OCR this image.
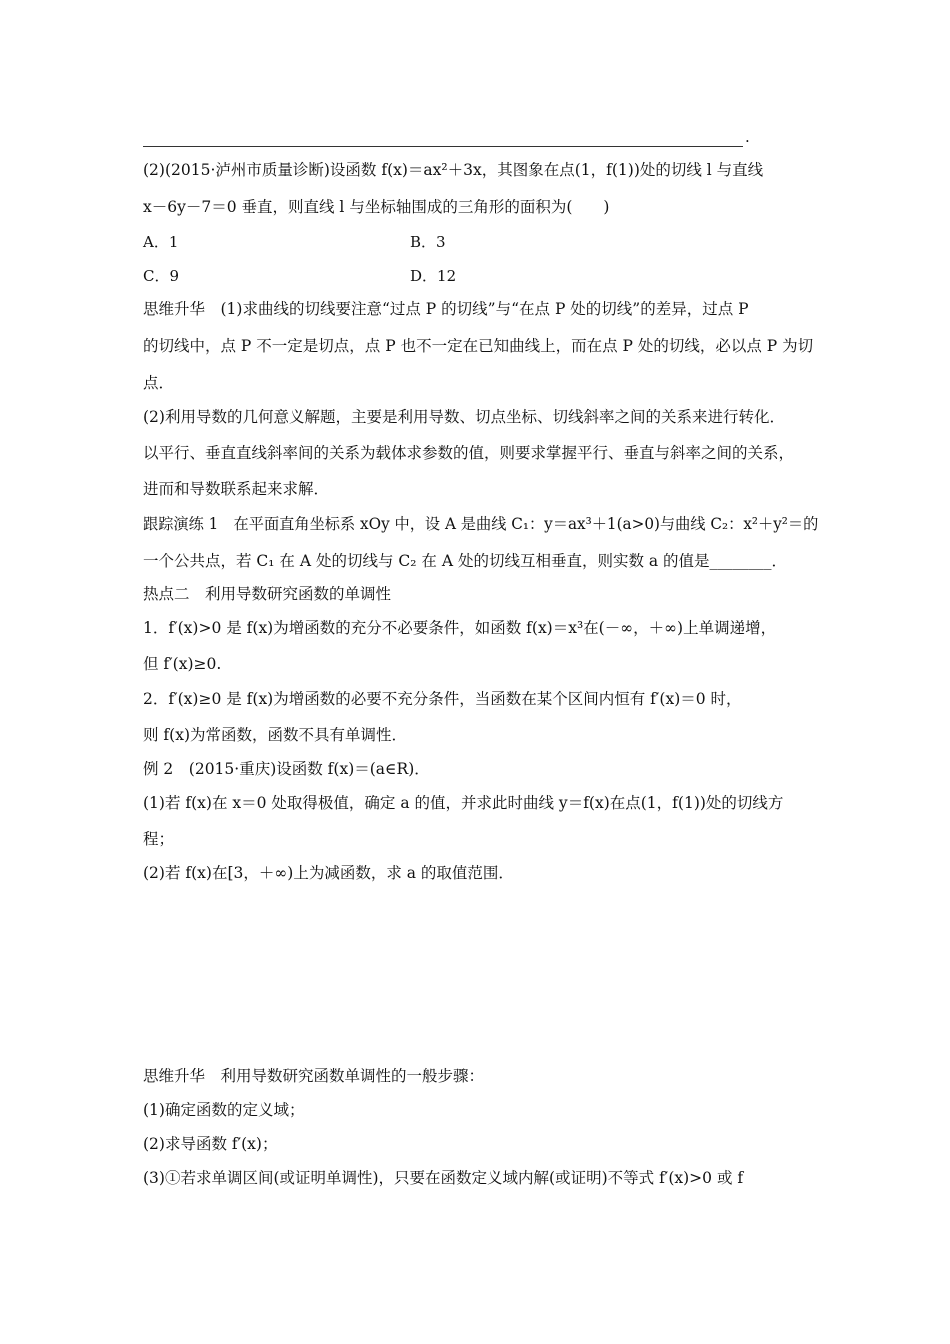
.
(2)(2015·泸州市质量诊断)设函数 f(x)＝ax²＋3x，其图象在点(1，f(1))处的切线 l 与直线
x－6y－7＝0 垂直，则直线 l 与坐标轴围成的三角形的面积为(　　)
A．1	B．3
C．9	D．12
思维升华　(1)求曲线的切线要注意“过点 P 的切线”与“在点 P 处的切线”的差异，过点 P
的切线中，点 P 不一定是切点，点 P 也不一定在已知曲线上，而在点 P 处的切线，必以点 P 为切
点．
(2)利用导数的几何意义解题，主要是利用导数、切点坐标、切线斜率之间的关系来进行转化．
以平行、垂直直线斜率间的关系为载体求参数的值，则要求掌握平行、垂直与斜率之间的关系，
进而和导数联系起来求解．
跟踪演练 1　在平面直角坐标系 xOy 中，设 A 是曲线 C₁：y＝ax³＋1(a>0)与曲线 C₂：x²＋y²＝的
一个公共点，若 C₁ 在 A 处的切线与 C₂ 在 A 处的切线互相垂直，则实数 a 的值是________．
热点二　利用导数研究函数的单调性
1．f′(x)>0 是 f(x)为增函数的充分不必要条件，如函数 f(x)＝x³在(－∞，＋∞)上单调递增，
但 f′(x)≥0.
2．f′(x)≥0 是 f(x)为增函数的必要不充分条件，当函数在某个区间内恒有 f′(x)＝0 时，
则 f(x)为常函数，函数不具有单调性．
例 2　(2015·重庆)设函数 f(x)＝(a∈R)．
(1)若 f(x)在 x＝0 处取得极值，确定 a 的值，并求此时曲线 y＝f(x)在点(1，f(1))处的切线方
程；
(2)若 f(x)在[3，＋∞)上为减函数，求 a 的取值范围．
思维升华　利用导数研究函数单调性的一般步骤：
(1)确定函数的定义域；
(2)求导函数 f′(x)；
(3)①若求单调区间(或证明单调性)，只要在函数定义域内解(或证明)不等式 f′(x)>0 或 f
